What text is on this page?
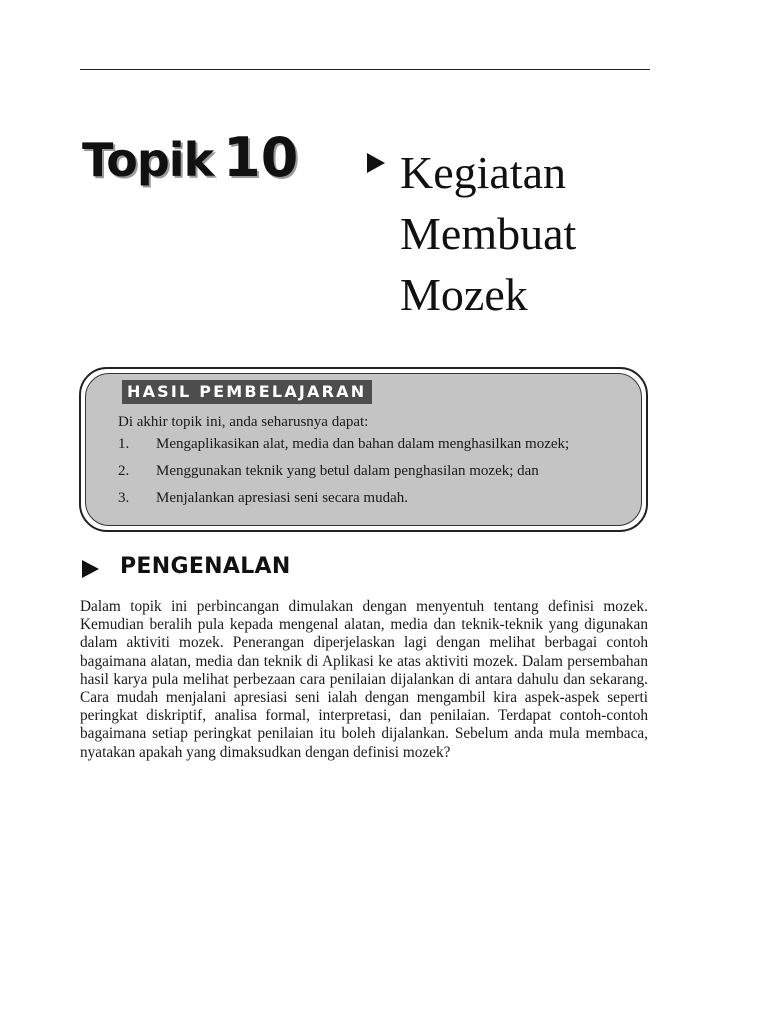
Topik 10 Kegiatan
Membuat
Mozek
HASIL PEMBELAJARAN

Di akhir topik ini, anda seharusnya dapat:

1.	Mengaplikasikan alat, media dan bahan dalam menghasilkan mozek;
2.	Menggunakan teknik yang betul dalam penghasilan mozek; dan
3.	Menjalankan apresiasi seni secara mudah.
PENGENALAN

Dalam topik ini perbincangan dimulakan dengan menyentuh tentang definisi mozek. Kemudian beralih pula kepada mengenal alatan, media dan teknik-teknik yang digunakan dalam aktiviti mozek. Penerangan diperjelaskan lagi dengan melihat berbagai contoh bagaimana alatan, media dan teknik di Aplikasi ke atas aktiviti mozek. Dalam persembahan hasil karya pula melihat perbezaan cara penilaian dijalankan di antara dahulu dan sekarang. Cara mudah menjalani apresiasi seni ialah dengan mengambil kira aspek-aspek seperti peringkat diskriptif, analisa formal, interpretasi, dan penilaian. Terdapat contoh-contoh bagaimana setiap peringkat penilaian itu boleh dijalankan. Sebelum anda mula membaca, nyatakan apakah yang dimaksudkan dengan definisi mozek?
